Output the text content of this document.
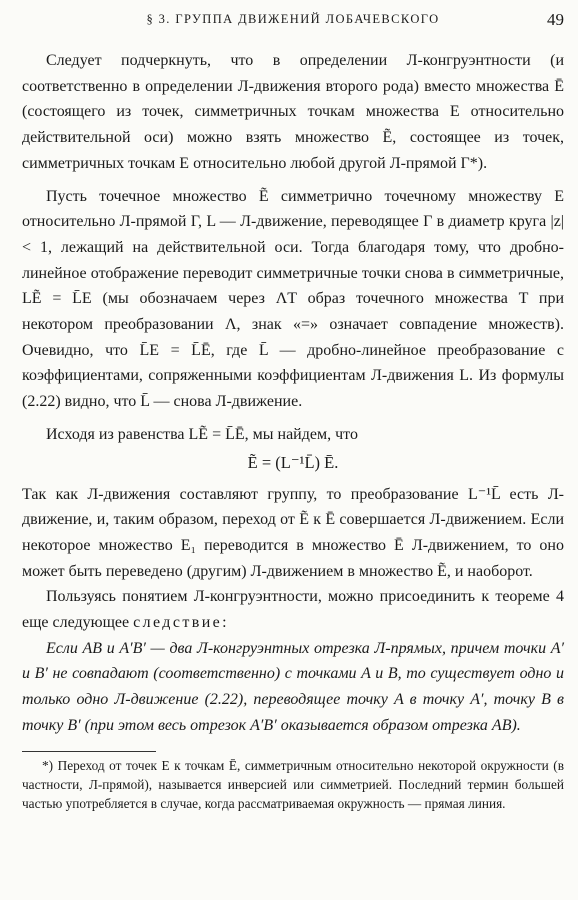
§ 3. ГРУППА ДВИЖЕНИЙ ЛОБАЧЕВСКОГО	49

Следует подчеркнуть, что в определении Л-конгруэнтности (и соответственно в определении Л-движения второго рода) вместо множества Ē (состоящего из точек, симметричных точкам множества E относительно действительной оси) можно взять множество Ẽ, состоящее из точек, симметричных точкам E относительно любой другой Л-прямой Γ*).

Пусть точечное множество Ẽ симметрично точечному множеству E относительно Л-прямой Γ, L — Л-движение, переводящее Γ в диаметр круга |z| < 1, лежащий на действительной оси. Тогда благодаря тому, что дробно-линейное отображение переводит симметричные точки снова в симметричные, LẼ = L̄E (мы обозначаем через ΛT образ точечного множества T при некотором преобразовании Λ, знак «=» означает совпадение множеств). Очевидно, что L̄E = L̄Ē, где L̄ — дробно-линейное преобразование с коэффициентами, сопряженными коэффициентам Л-движения L. Из формулы (2.22) видно, что L̄ — снова Л-движение.

Исходя из равенства LẼ = L̄Ē, мы найдем, что

Ẽ = (L⁻¹L̄) Ē.

Так как Л-движения составляют группу, то преобразование L⁻¹L̄ есть Л-движение, и, таким образом, переход от Ẽ к Ē совершается Л-движением. Если некоторое множество E₁ переводится в множество Ē Л-движением, то оно может быть переведено (другим) Л-движением в множество Ẽ, и наоборот.

Пользуясь понятием Л-конгруэнтности, можно присоединить к теореме 4 еще следующее следствие:

Если AB и A′B′ — два Л-конгруэнтных отрезка Л-прямых, причем точки A′ и B′ не совпадают (соответственно) с точками A и B, то существует одно и только одно Л-движение (2.22), переводящее точку A в точку A′, точку B в точку B′ (при этом весь отрезок A′B′ оказывается образом отрезка AB).

*) Переход от точек E к точкам Ē, симметричным относительно некоторой окружности (в частности, Л-прямой), называется инверсией или симметрией. Последний термин большей частью употребляется в случае, когда рассматриваемая окружность — прямая линия.
